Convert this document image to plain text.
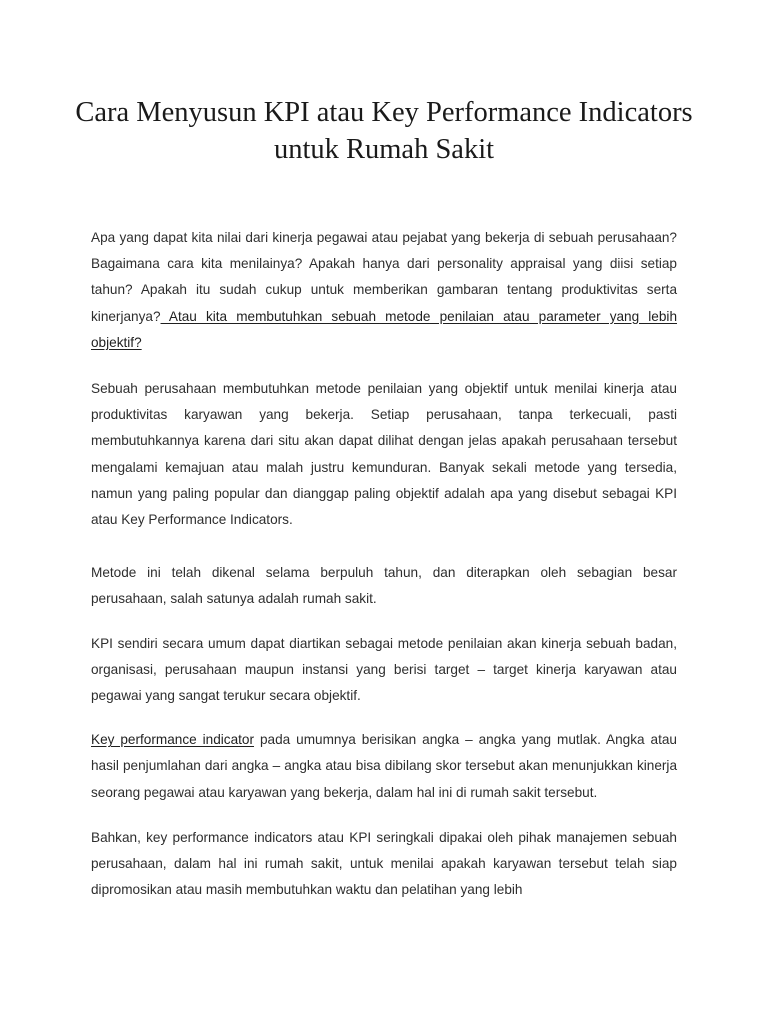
Cara Menyusun KPI atau Key Performance Indicators untuk Rumah Sakit

Apa yang dapat kita nilai dari kinerja pegawai atau pejabat yang bekerja di sebuah perusahaan? Bagaimana cara kita menilainya? Apakah hanya dari personality appraisal yang diisi setiap tahun? Apakah itu sudah cukup untuk memberikan gambaran tentang produktivitas serta kinerjanya? Atau kita membutuhkan sebuah metode penilaian atau parameter yang lebih objektif?

Sebuah perusahaan membutuhkan metode penilaian yang objektif untuk menilai kinerja atau produktivitas karyawan yang bekerja. Setiap perusahaan, tanpa terkecuali, pasti membutuhkannya karena dari situ akan dapat dilihat dengan jelas apakah perusahaan tersebut mengalami kemajuan atau malah justru kemunduran. Banyak sekali metode yang tersedia, namun yang paling popular dan dianggap paling objektif adalah apa yang disebut sebagai KPI atau Key Performance Indicators.

Metode ini telah dikenal selama berpuluh tahun, dan diterapkan oleh sebagian besar perusahaan, salah satunya adalah rumah sakit.

KPI sendiri secara umum dapat diartikan sebagai metode penilaian akan kinerja sebuah badan, organisasi, perusahaan maupun instansi yang berisi target – target kinerja karyawan atau pegawai yang sangat terukur secara objektif.

Key performance indicator pada umumnya berisikan angka – angka yang mutlak. Angka atau hasil penjumlahan dari angka – angka atau bisa dibilang skor tersebut akan menunjukkan kinerja seorang pegawai atau karyawan yang bekerja, dalam hal ini di rumah sakit tersebut.

Bahkan, key performance indicators atau KPI seringkali dipakai oleh pihak manajemen sebuah perusahaan, dalam hal ini rumah sakit, untuk menilai apakah karyawan tersebut telah siap dipromosikan atau masih membutuhkan waktu dan pelatihan yang lebih
